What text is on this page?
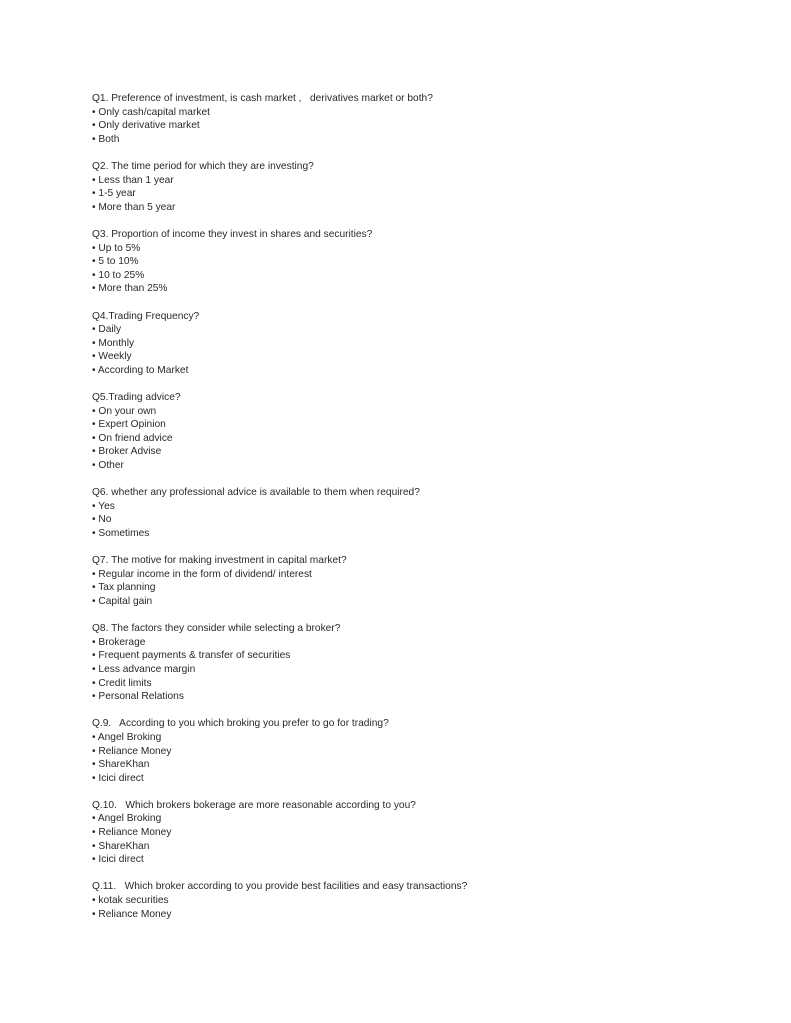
Q1. Preference of investment, is cash market ,   derivatives market or both?
• Only cash/capital market
• Only derivative market
• Both
Q2. The time period for which they are investing?
• Less than 1 year
• 1-5 year
• More than 5 year
Q3. Proportion of income they invest in shares and securities?
• Up to 5%
• 5 to 10%
• 10 to 25%
• More than 25%
Q4.Trading Frequency?
• Daily
• Monthly
• Weekly
• According to Market
Q5.Trading advice?
• On your own
• Expert Opinion
• On friend advice
• Broker Advise
• Other
Q6. whether any professional advice is available to them when required?
• Yes
• No
• Sometimes
Q7. The motive for making investment in capital market?
• Regular income in the form of dividend/ interest
• Tax planning
• Capital gain
Q8. The factors they consider while selecting a broker?
• Brokerage
• Frequent payments & transfer of securities
• Less advance margin
• Credit limits
• Personal Relations
Q.9.   According to you which broking you prefer to go for trading?
• Angel Broking
• Reliance Money
• ShareKhan
• Icici direct
Q.10.   Which brokers bokerage are more reasonable according to you?
• Angel Broking
• Reliance Money
• ShareKhan
• Icici direct
Q.11.   Which broker according to you provide best facilities and easy transactions?
• kotak securities
• Reliance Money
